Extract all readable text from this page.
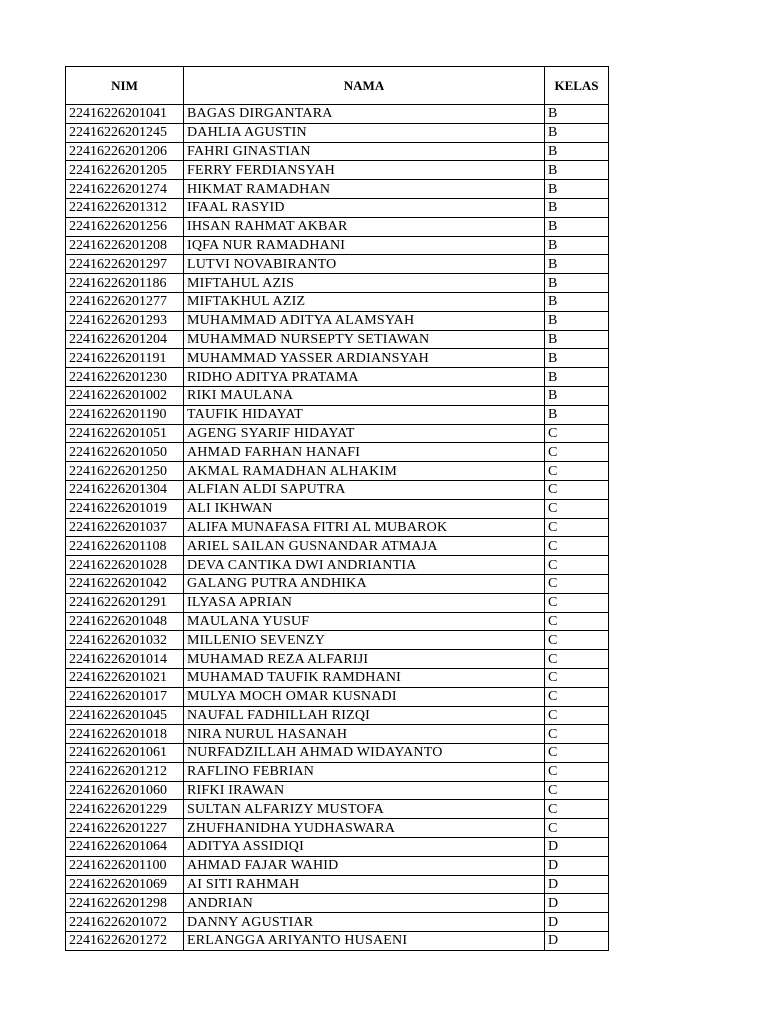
NIM	NAMA	KELAS
22416226201041	BAGAS DIRGANTARA	B
22416226201245	DAHLIA AGUSTIN	B
22416226201206	FAHRI GINASTIAN	B
22416226201205	FERRY FERDIANSYAH	B
22416226201274	HIKMAT RAMADHAN	B
22416226201312	IFAAL RASYID	B
22416226201256	IHSAN RAHMAT AKBAR	B
22416226201208	IQFA NUR RAMADHANI	B
22416226201297	LUTVI NOVABIRANTO	B
22416226201186	MIFTAHUL AZIS	B
22416226201277	MIFTAKHUL AZIZ	B
22416226201293	MUHAMMAD ADITYA ALAMSYAH	B
22416226201204	MUHAMMAD NURSEPTY SETIAWAN	B
22416226201191	MUHAMMAD YASSER ARDIANSYAH	B
22416226201230	RIDHO ADITYA PRATAMA	B
22416226201002	RIKI MAULANA	B
22416226201190	TAUFIK HIDAYAT	B
22416226201051	AGENG SYARIF HIDAYAT	C
22416226201050	AHMAD FARHAN HANAFI	C
22416226201250	AKMAL RAMADHAN ALHAKIM	C
22416226201304	ALFIAN ALDI SAPUTRA	C
22416226201019	ALI IKHWAN	C
22416226201037	ALIFA MUNAFASA FITRI AL MUBAROK	C
22416226201108	ARIEL SAILAN GUSNANDAR ATMAJA	C
22416226201028	DEVA CANTIKA DWI ANDRIANTIA	C
22416226201042	GALANG PUTRA ANDHIKA	C
22416226201291	ILYASA APRIAN	C
22416226201048	MAULANA YUSUF	C
22416226201032	MILLENIO SEVENZY	C
22416226201014	MUHAMAD REZA ALFARIJI	C
22416226201021	MUHAMAD TAUFIK RAMDHANI	C
22416226201017	MULYA MOCH OMAR KUSNADI	C
22416226201045	NAUFAL FADHILLAH RIZQI	C
22416226201018	NIRA NURUL HASANAH	C
22416226201061	NURFADZILLAH AHMAD WIDAYANTO	C
22416226201212	RAFLINO FEBRIAN	C
22416226201060	RIFKI IRAWAN	C
22416226201229	SULTAN ALFARIZY MUSTOFA	C
22416226201227	ZHUFHANIDHA YUDHASWARA	C
22416226201064	ADITYA ASSIDIQI	D
22416226201100	AHMAD FAJAR WAHID	D
22416226201069	AI SITI RAHMAH	D
22416226201298	ANDRIAN	D
22416226201072	DANNY AGUSTIAR	D
22416226201272	ERLANGGA ARIYANTO HUSAENI	D
